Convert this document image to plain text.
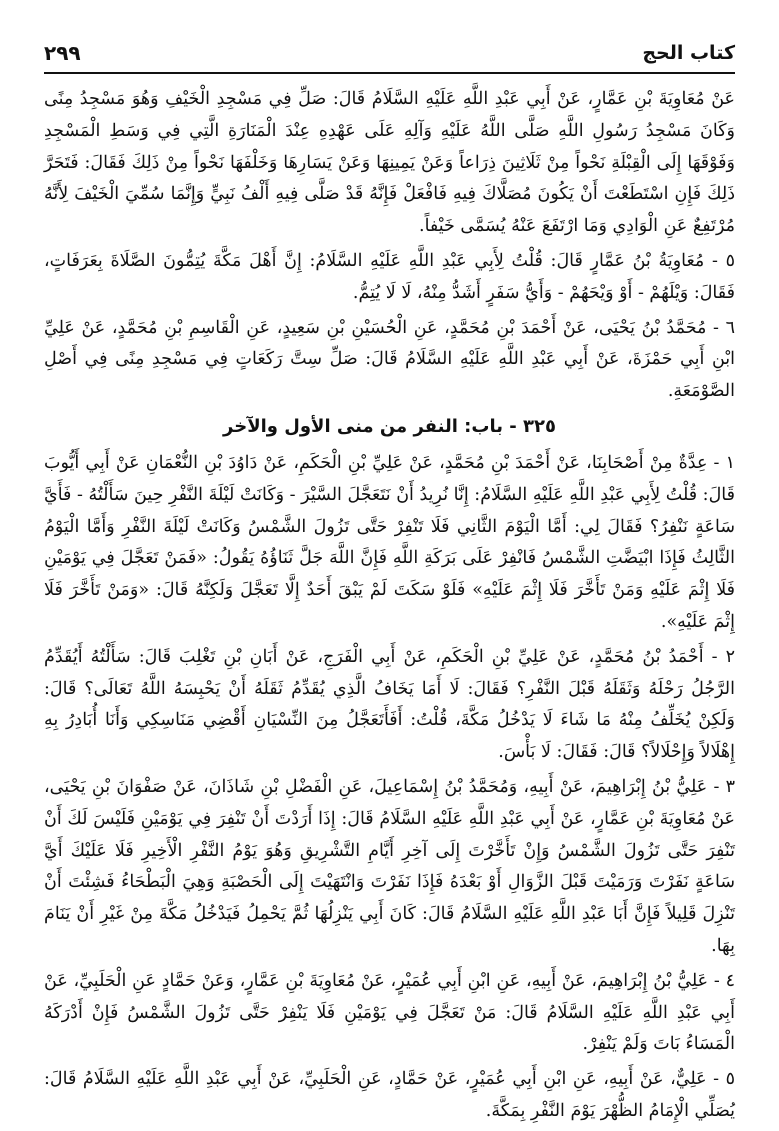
٢٩٩	كتاب الحج

عَنْ مُعَاوِيَةَ بْنِ عَمَّارٍ، عَنْ أَبِي عَبْدِ اللَّهِ عَلَيْهِ السَّلَامُ قَالَ: صَلِّ فِي مَسْجِدِ الْخَيْفِ وَهُوَ مَسْجِدُ مِنًى وَكَانَ مَسْجِدُ رَسُولِ اللَّهِ صَلَّى اللَّهُ عَلَيْهِ وَآلِهِ عَلَى عَهْدِهِ عِنْدَ الْمَنَارَةِ الَّتِي فِي وَسَطِ الْمَسْجِدِ وَفَوْقَهَا إِلَى الْقِبْلَةِ نَحْواً مِنْ ثَلَاثِينَ ذِرَاعاً وَعَنْ يَمِينِهَا وَعَنْ يَسَارِهَا وَخَلْفَهَا نَحْواً مِنْ ذَلِكَ فَقَالَ: فَتَحَرَّ ذَلِكَ فَإِنِ اسْتَطَعْتَ أَنْ يَكُونَ مُصَلَّاكَ فِيهِ فَافْعَلْ فَإِنَّهُ قَدْ صَلَّى فِيهِ أَلْفُ نَبِيٍّ وَإِنَّمَا سُمِّيَ الْخَيْفَ لِأَنَّهُ مُرْتَفِعٌ عَنِ الْوَادِي وَمَا ارْتَفَعَ عَنْهُ يُسَمَّى خَيْفاً.

٥ - مُعَاوِيَةُ بْنُ عَمَّارٍ قَالَ: قُلْتُ لِأَبِي عَبْدِ اللَّهِ عَلَيْهِ السَّلَامُ: إِنَّ أَهْلَ مَكَّةَ يُتِمُّونَ الصَّلَاةَ بِعَرَفَاتٍ، فَقَالَ: وَيْلَهُمْ - أَوْ وَيْحَهُمْ - وَأَيُّ سَفَرٍ أَشَدُّ مِنْهُ، لَا لَا يُتِمُّ.

٦ - مُحَمَّدُ بْنُ يَحْيَى، عَنْ أَحْمَدَ بْنِ مُحَمَّدٍ، عَنِ الْحُسَيْنِ بْنِ سَعِيدٍ، عَنِ الْقَاسِمِ بْنِ مُحَمَّدٍ، عَنْ عَلِيِّ ابْنِ أَبِي حَمْزَةَ، عَنْ أَبِي عَبْدِ اللَّهِ عَلَيْهِ السَّلَامُ قَالَ: صَلِّ سِتَّ رَكَعَاتٍ فِي مَسْجِدِ مِنًى فِي أَصْلِ الصَّوْمَعَةِ.

٣٢٥ - باب: النفر من منى الأول والآخر

١ - عِدَّةٌ مِنْ أَصْحَابِنَا، عَنْ أَحْمَدَ بْنِ مُحَمَّدٍ، عَنْ عَلِيِّ بْنِ الْحَكَمِ، عَنْ دَاوُدَ بْنِ النُّعْمَانِ عَنْ أَبِي أَيُّوبَ قَالَ: قُلْتُ لِأَبِي عَبْدِ اللَّهِ عَلَيْهِ السَّلَامُ: إِنَّا نُرِيدُ أَنْ نَتَعَجَّلَ السَّيْرَ - وَكَانَتْ لَيْلَةَ النَّفْرِ حِينَ سَأَلْتُهُ - فَأَيَّ سَاعَةٍ نَنْفِرُ؟ فَقَالَ لِي: أَمَّا الْيَوْمَ الثَّانِي فَلَا تَنْفِرْ حَتَّى تَزُولَ الشَّمْسُ وَكَانَتْ لَيْلَةَ النَّفْرِ وَأَمَّا الْيَوْمُ الثَّالِثُ فَإِذَا ابْيَضَّتِ الشَّمْسُ فَانْفِرْ عَلَى بَرَكَةِ اللَّهِ فَإِنَّ اللَّهَ جَلَّ ثَنَاؤُهُ يَقُولُ: «فَمَنْ تَعَجَّلَ فِي يَوْمَيْنِ فَلَا إِثْمَ عَلَيْهِ وَمَنْ تَأَخَّرَ فَلَا إِثْمَ عَلَيْهِ» فَلَوْ سَكَتَ لَمْ يَبْقَ أَحَدٌ إِلَّا تَعَجَّلَ وَلَكِنَّهُ قَالَ: «وَمَنْ تَأَخَّرَ فَلَا إِثْمَ عَلَيْهِ».

٢ - أَحْمَدُ بْنُ مُحَمَّدٍ، عَنْ عَلِيِّ بْنِ الْحَكَمِ، عَنْ أَبِي الْفَرَجِ، عَنْ أَبَانِ بْنِ تَغْلِبَ قَالَ: سَأَلْتُهُ أَيُقَدِّمُ الرَّجُلُ رَحْلَهُ وَثَقَلَهُ قَبْلَ النَّفْرِ؟ فَقَالَ: لَا أَمَا يَخَافُ الَّذِي يُقَدِّمُ ثَقَلَهُ أَنْ يَحْبِسَهُ اللَّهُ تَعَالَى؟ قَالَ: وَلَكِنْ يُخَلِّفُ مِنْهُ مَا شَاءَ لَا يَدْخُلُ مَكَّةَ، قُلْتُ: أَفَأَتَعَجَّلُ مِنَ النِّسْيَانِ أَقْضِي مَنَاسِكِي وَأَنَا أُبَادِرُ بِهِ إِهْلَالاً وَإِحْلَالاً؟ قَالَ: فَقَالَ: لَا بَأْسَ.

٣ - عَلِيُّ بْنُ إِبْرَاهِيمَ، عَنْ أَبِيهِ، وَمُحَمَّدُ بْنُ إِسْمَاعِيلَ، عَنِ الْفَضْلِ بْنِ شَاذَانَ، عَنْ صَفْوَانَ بْنِ يَحْيَى، عَنْ مُعَاوِيَةَ بْنِ عَمَّارٍ، عَنْ أَبِي عَبْدِ اللَّهِ عَلَيْهِ السَّلَامُ قَالَ: إِذَا أَرَدْتَ أَنْ تَنْفِرَ فِي يَوْمَيْنِ فَلَيْسَ لَكَ أَنْ تَنْفِرَ حَتَّى تَزُولَ الشَّمْسُ وَإِنْ تَأَخَّرْتَ إِلَى آخِرِ أَيَّامِ التَّشْرِيقِ وَهُوَ يَوْمُ النَّفْرِ الْأَخِيرِ فَلَا عَلَيْكَ أَيَّ سَاعَةٍ نَفَرْتَ وَرَمَيْتَ قَبْلَ الزَّوَالِ أَوْ بَعْدَهُ فَإِذَا نَفَرْتَ وَانْتَهَيْتَ إِلَى الْحَصْبَةِ وَهِيَ الْبَطْحَاءُ فَشِئْتَ أَنْ تَنْزِلَ قَلِيلاً فَإِنَّ أَبَا عَبْدِ اللَّهِ عَلَيْهِ السَّلَامُ قَالَ: كَانَ أَبِي يَنْزِلُهَا ثُمَّ يَحْمِلُ فَيَدْخُلُ مَكَّةَ مِنْ غَيْرِ أَنْ يَنَامَ بِهَا.

٤ - عَلِيُّ بْنُ إِبْرَاهِيمَ، عَنْ أَبِيهِ، عَنِ ابْنِ أَبِي عُمَيْرٍ، عَنْ مُعَاوِيَةَ بْنِ عَمَّارٍ، وَعَنْ حَمَّادٍ عَنِ الْحَلَبِيِّ، عَنْ أَبِي عَبْدِ اللَّهِ عَلَيْهِ السَّلَامُ قَالَ: مَنْ تَعَجَّلَ فِي يَوْمَيْنِ فَلَا يَنْفِرْ حَتَّى تَزُولَ الشَّمْسُ فَإِنْ أَدْرَكَهُ الْمَسَاءُ بَاتَ وَلَمْ يَنْفِرْ.

٥ - عَلِيٌّ، عَنْ أَبِيهِ، عَنِ ابْنِ أَبِي عُمَيْرٍ، عَنْ حَمَّادٍ، عَنِ الْحَلَبِيِّ، عَنْ أَبِي عَبْدِ اللَّهِ عَلَيْهِ السَّلَامُ قَالَ: يُصَلِّي الْإِمَامُ الظُّهْرَ يَوْمَ النَّفْرِ بِمَكَّةَ.
